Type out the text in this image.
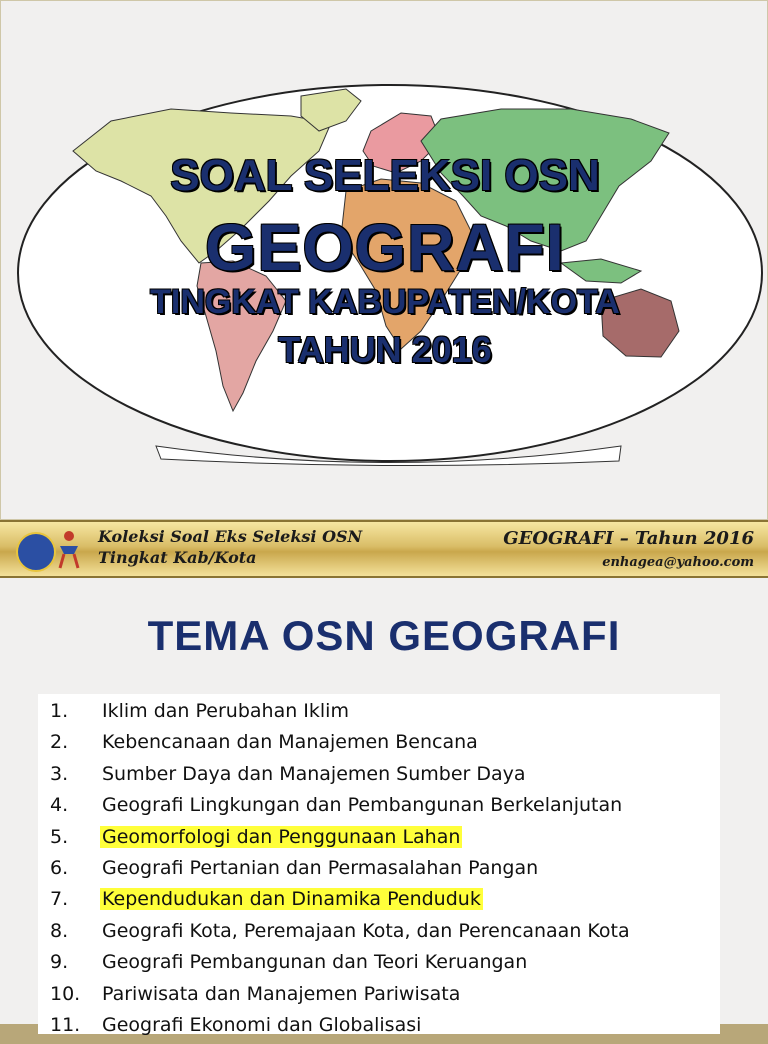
SOAL SELEKSI OSN
GEOGRAFI
TINGKAT KABUPATEN/KOTA
TAHUN 2016
Koleksi Soal Eks Seleksi OSN
Tingkat Kab/Kota
GEOGRAFI – Tahun 2016
enhagea@yahoo.com
TEMA OSN GEOGRAFI
1.	Iklim dan Perubahan Iklim
2.	Kebencanaan dan Manajemen Bencana
3.	Sumber Daya dan Manajemen Sumber Daya
4.	Geografi Lingkungan dan Pembangunan Berkelanjutan
5.	Geomorfologi dan Penggunaan Lahan
6.	Geografi Pertanian dan Permasalahan Pangan
7.	Kependudukan dan Dinamika Penduduk
8.	Geografi Kota, Peremajaan Kota, dan Perencanaan Kota
9.	Geografi Pembangunan dan Teori Keruangan
10.	Pariwisata dan Manajemen Pariwisata
11.	Geografi Ekonomi dan Globalisasi
